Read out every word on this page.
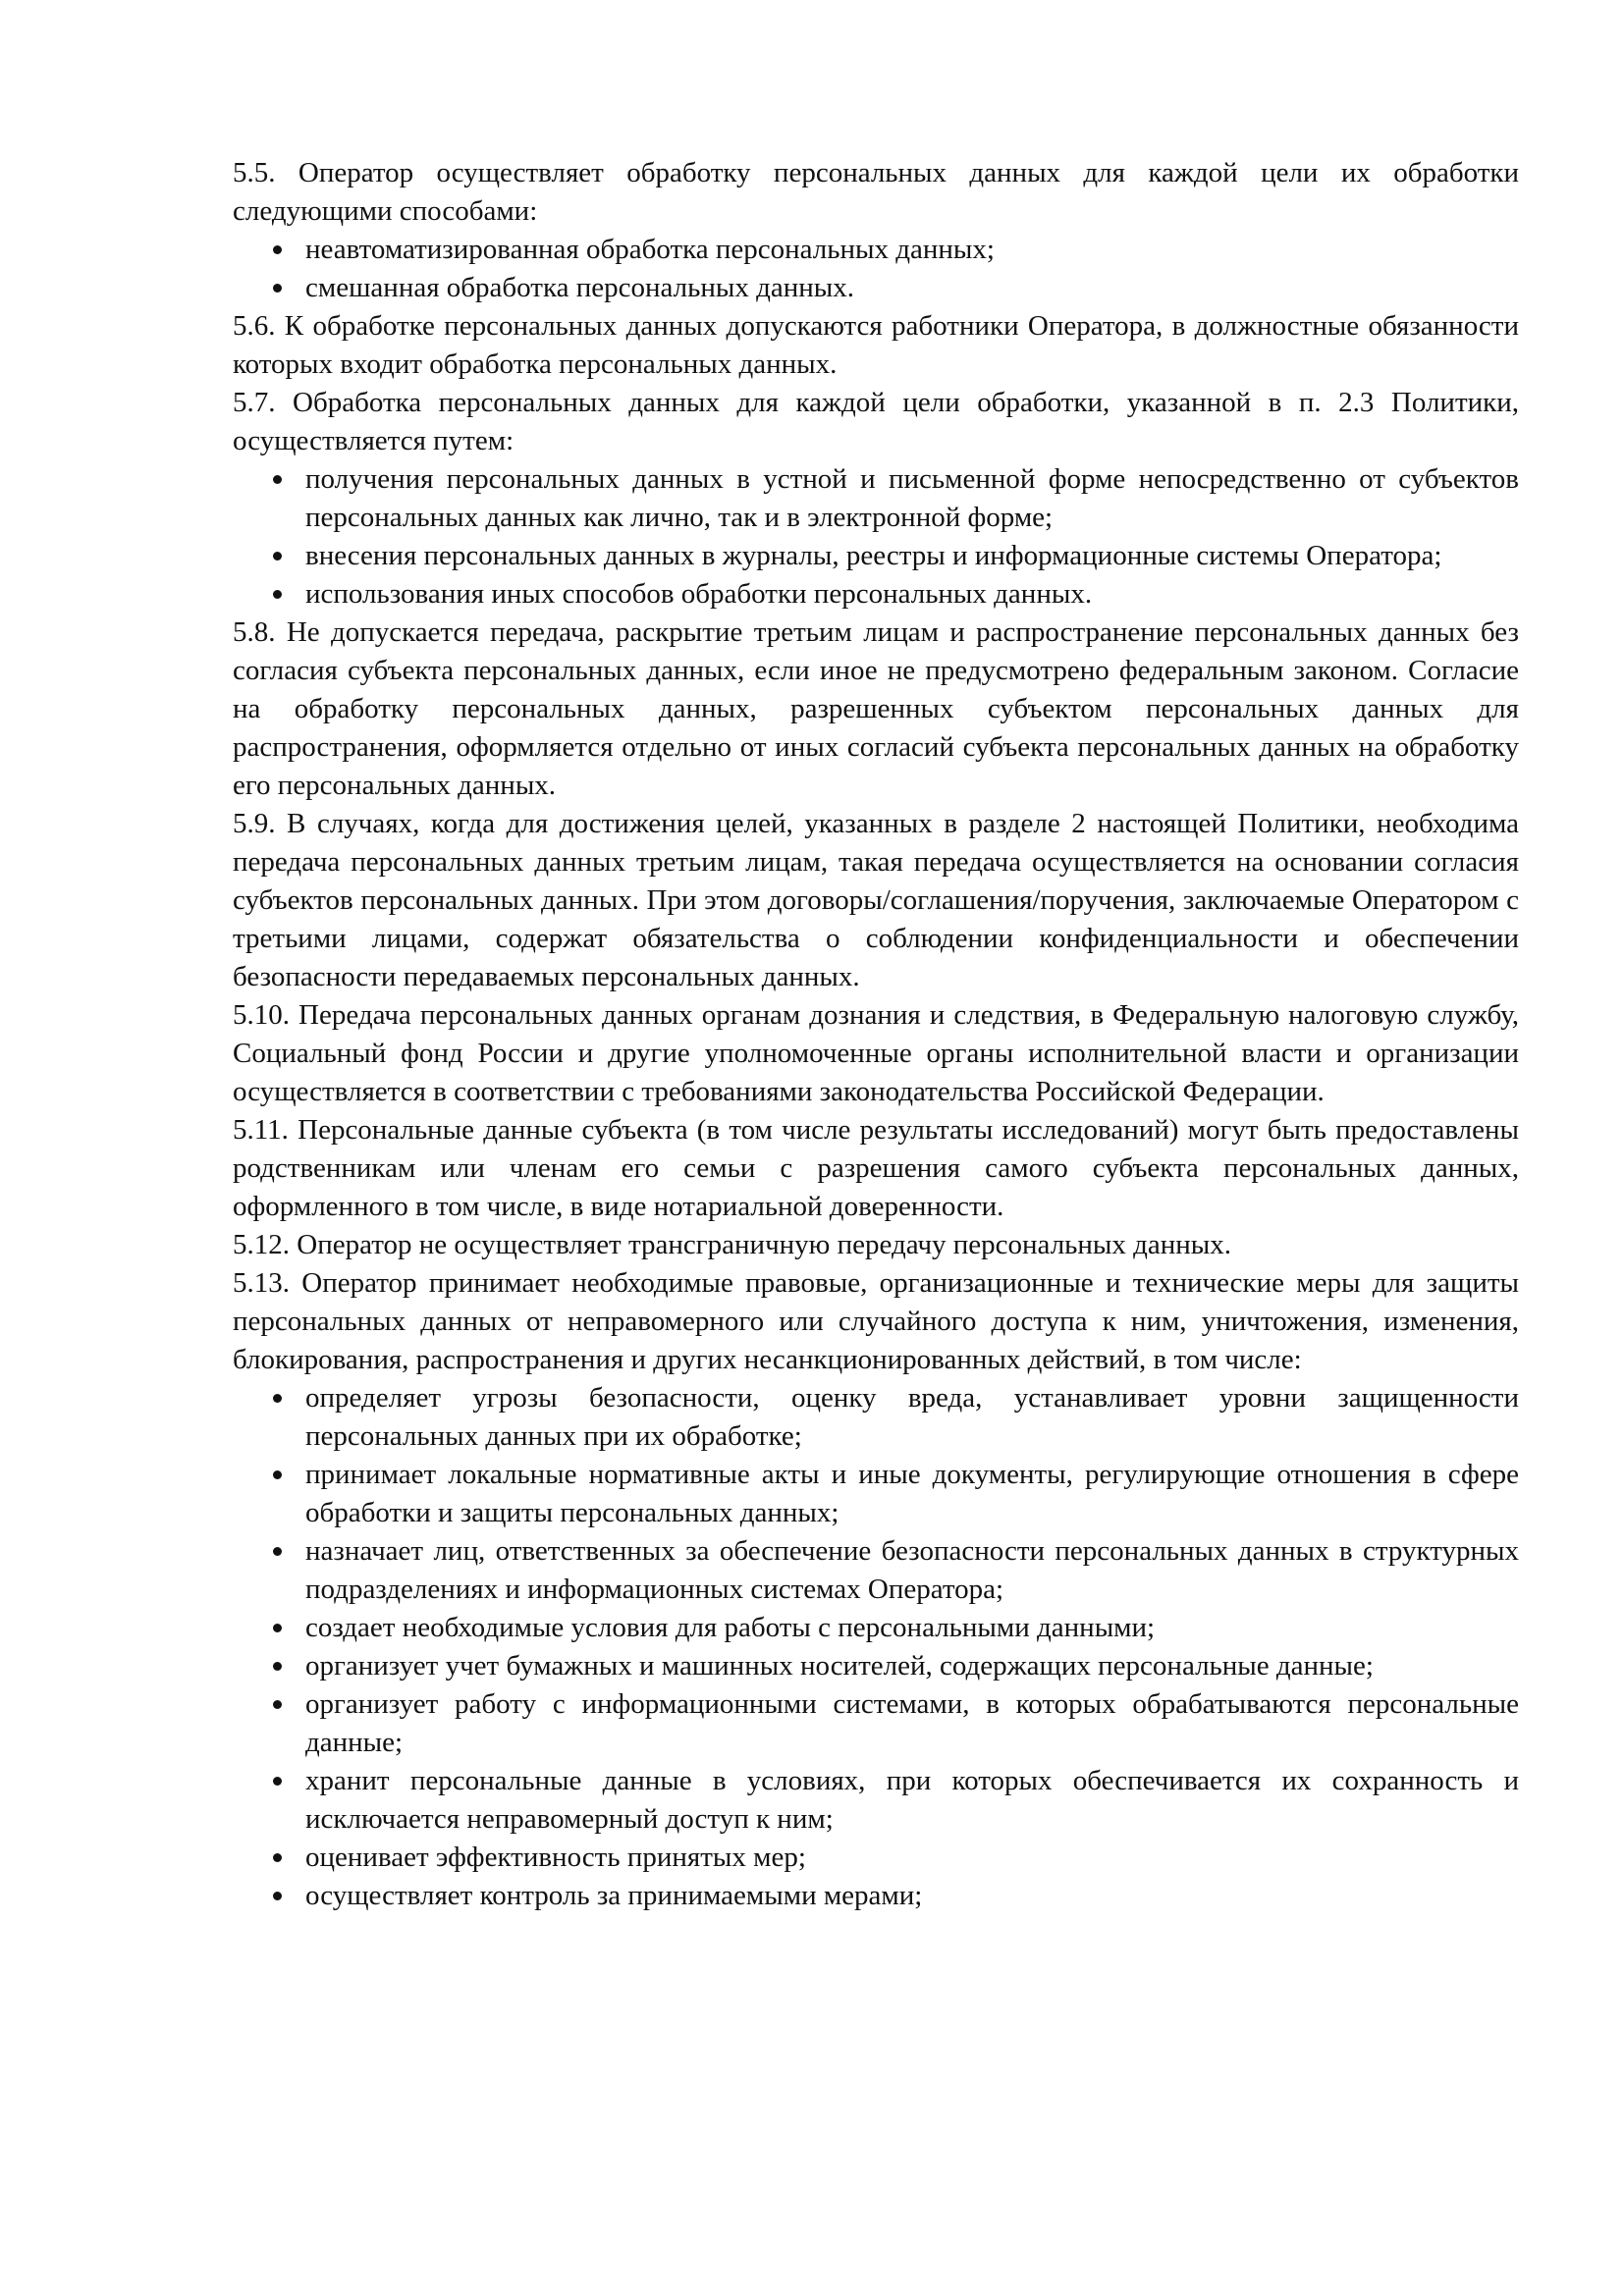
5.5. Оператор осуществляет обработку персональных данных для каждой цели их обработки следующими способами:

неавтоматизированная обработка персональных данных;
смешанная обработка персональных данных.

5.6. К обработке персональных данных допускаются работники Оператора, в должностные обязанности которых входит обработка персональных данных.

5.7. Обработка персональных данных для каждой цели обработки, указанной в п. 2.3 Политики, осуществляется путем:

получения персональных данных в устной и письменной форме непосредственно от субъектов персональных данных как лично, так и в электронной форме;
внесения персональных данных в журналы, реестры и информационные системы Оператора;
использования иных способов обработки персональных данных.

5.8. Не допускается передача, раскрытие третьим лицам и распространение персональных данных без согласия субъекта персональных данных, если иное не предусмотрено федеральным законом. Согласие на обработку персональных данных, разрешенных субъектом персональных данных для распространения, оформляется отдельно от иных согласий субъекта персональных данных на обработку его персональных данных.

5.9. В случаях, когда для достижения целей, указанных в разделе 2 настоящей Политики, необходима передача персональных данных третьим лицам, такая передача осуществляется на основании согласия субъектов персональных данных. При этом договоры/соглашения/поручения, заключаемые Оператором с третьими лицами, содержат обязательства о соблюдении конфиденциальности и обеспечении безопасности передаваемых персональных данных.

5.10. Передача персональных данных органам дознания и следствия, в Федеральную налоговую службу, Социальный фонд России и другие уполномоченные органы исполнительной власти и организации осуществляется в соответствии с требованиями законодательства Российской Федерации.

5.11. Персональные данные субъекта (в том числе результаты исследований) могут быть предоставлены родственникам или членам его семьи с разрешения самого субъекта персональных данных, оформленного в том числе, в виде нотариальной доверенности.

5.12. Оператор не осуществляет трансграничную передачу персональных данных.

5.13. Оператор принимает необходимые правовые, организационные и технические меры для защиты персональных данных от неправомерного или случайного доступа к ним, уничтожения, изменения, блокирования, распространения и других несанкционированных действий, в том числе:

определяет угрозы безопасности, оценку вреда, устанавливает уровни защищенности персональных данных при их обработке;
принимает локальные нормативные акты и иные документы, регулирующие отношения в сфере обработки и защиты персональных данных;
назначает лиц, ответственных за обеспечение безопасности персональных данных в структурных подразделениях и информационных системах Оператора;
создает необходимые условия для работы с персональными данными;
организует учет бумажных и машинных носителей, содержащих персональные данные;
организует работу с информационными системами, в которых обрабатываются персональные данные;
хранит персональные данные в условиях, при которых обеспечивается их сохранность и исключается неправомерный доступ к ним;
оценивает эффективность принятых мер;
осуществляет контроль за принимаемыми мерами;
